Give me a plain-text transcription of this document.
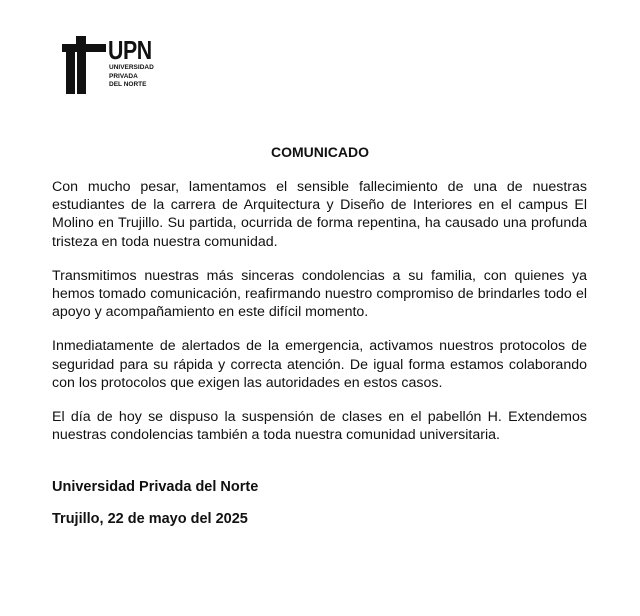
UPN
UNIVERSIDAD
PRIVADA
DEL NORTE
COMUNICADO

Con mucho pesar, lamentamos el sensible fallecimiento de una de nuestras estudiantes de la carrera de Arquitectura y Diseño de Interiores en el campus El Molino en Trujillo. Su partida, ocurrida de forma repentina, ha causado una profunda tristeza en toda nuestra comunidad.

Transmitimos nuestras más sinceras condolencias a su familia, con quienes ya hemos tomado comunicación, reafirmando nuestro compromiso de brindarles todo el apoyo y acompañamiento en este difícil momento.

Inmediatamente de alertados de la emergencia, activamos nuestros protocolos de seguridad para su rápida y correcta atención. De igual forma estamos colaborando con los protocolos que exigen las autoridades en estos casos.

El día de hoy se dispuso la suspensión de clases en el pabellón H. Extendemos nuestras condolencias también a toda nuestra comunidad universitaria.

Universidad Privada del Norte
Trujillo, 22 de mayo del 2025
